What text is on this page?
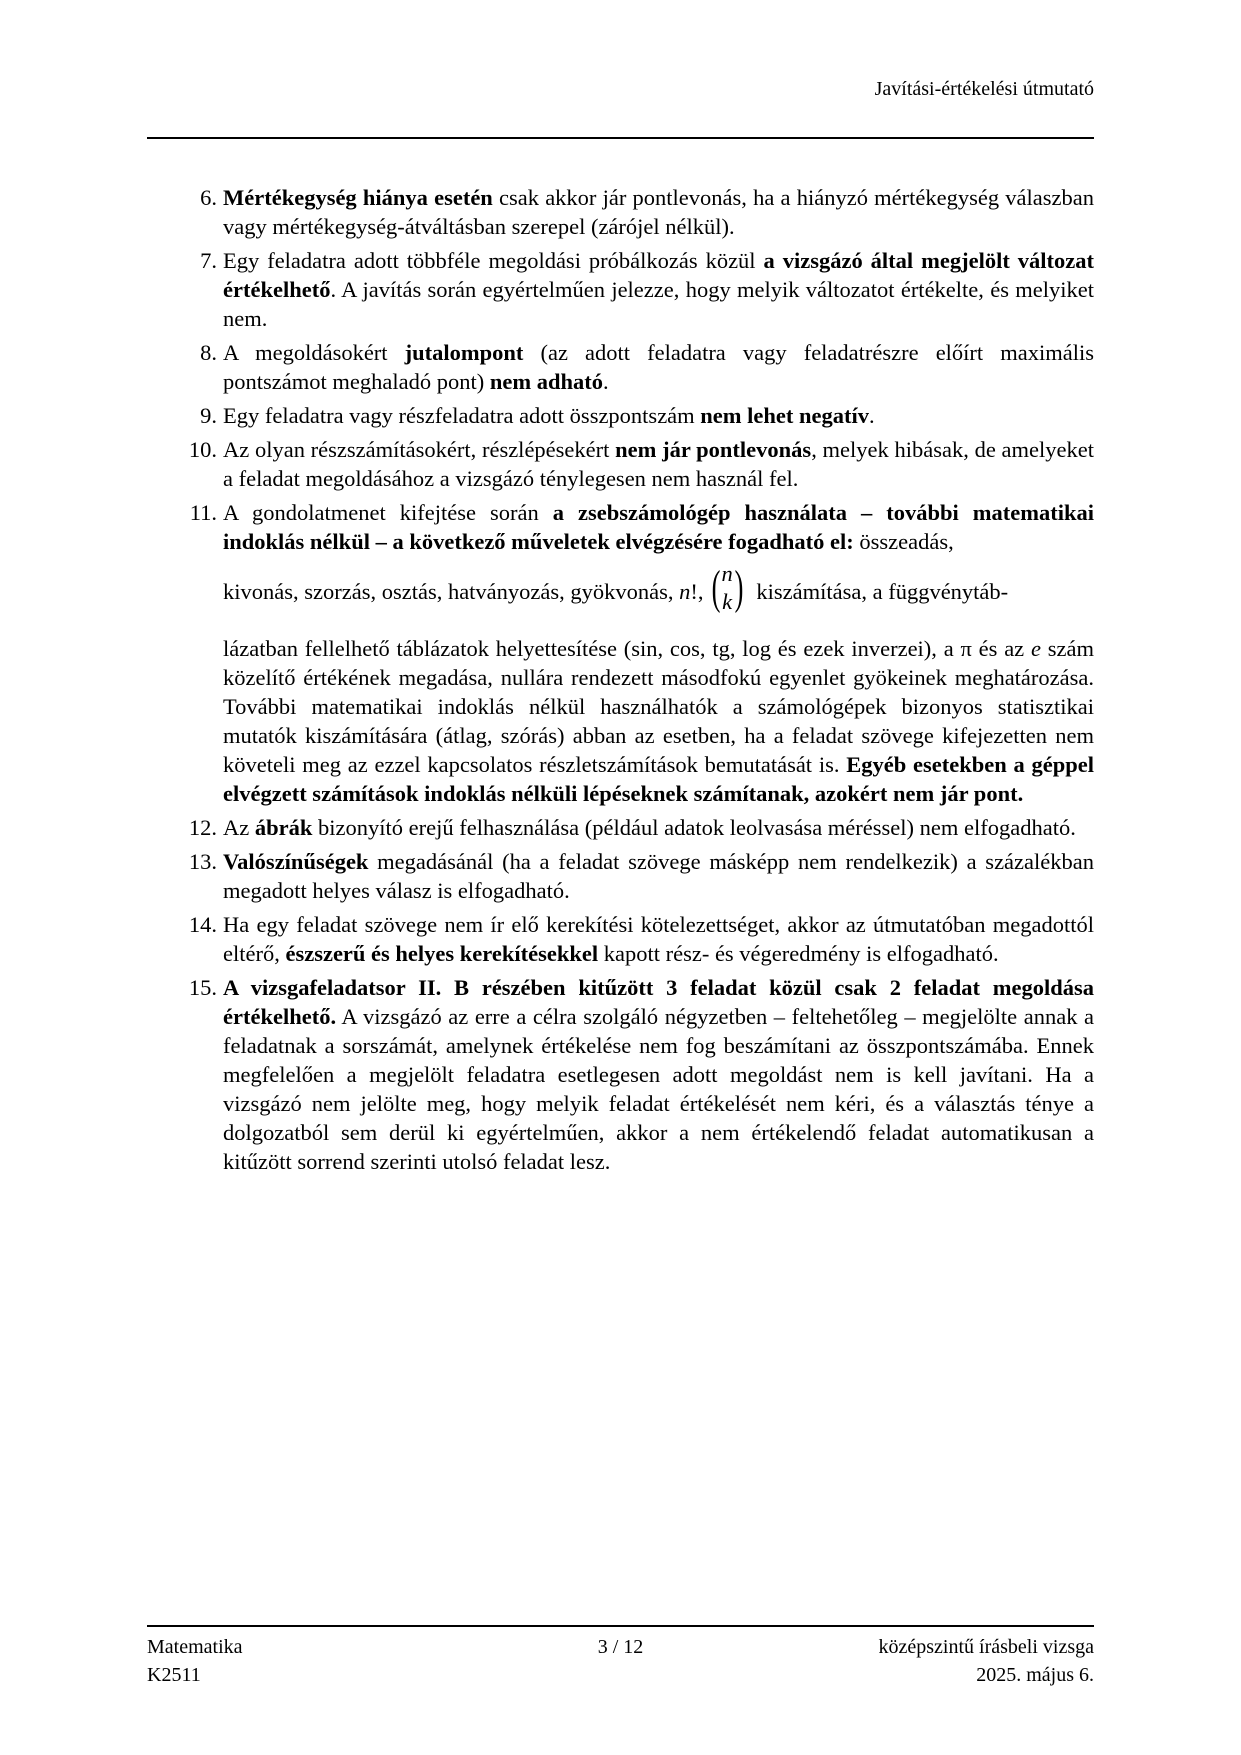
Javítási-értékelési útmutató
6. Mértékegység hiánya esetén csak akkor jár pontlevonás, ha a hiányzó mértékegység válaszban vagy mértékegység-átváltásban szerepel (zárójel nélkül).
7. Egy feladatra adott többféle megoldási próbálkozás közül a vizsgázó által megjelölt változat értékelhető. A javítás során egyértelműen jelezze, hogy melyik változatot értékelte, és melyiket nem.
8. A megoldásokért jutalompont (az adott feladatra vagy feladatrészre előírt maximális pontszámot meghaladó pont) nem adható.
9. Egy feladatra vagy részfeladatra adott összpontszám nem lehet negatív.
10. Az olyan részszámításokért, részlépésekért nem jár pontlevonás, melyek hibásak, de amelyeket a feladat megoldásához a vizsgázó ténylegesen nem használ fel.
11. A gondolatmenet kifejtése során a zsebszámológép használata – további matematikai indoklás nélkül – a következő műveletek elvégzésére fogadható el: összeadás,
kivonás, szorzás, osztás, hatványozás, gyökvonás, n!, ( n
k ) kiszámítása, a függvénytáb-
lázatban fellelhető táblázatok helyettesítése (sin, cos, tg, log és ezek inverzei), a π és az e szám közelítő értékének megadása, nullára rendezett másodfokú egyenlet gyökeinek meghatározása. További matematikai indoklás nélkül használhatók a számológépek bizonyos statisztikai mutatók kiszámítására (átlag, szórás) abban az esetben, ha a feladat szövege kifejezetten nem követeli meg az ezzel kapcsolatos részletszámítások bemutatását is. Egyéb esetekben a géppel elvégzett számítások indoklás nélküli lépéseknek számítanak, azokért nem jár pont.
12. Az ábrák bizonyító erejű felhasználása (például adatok leolvasása méréssel) nem elfogadható.
13. Valószínűségek megadásánál (ha a feladat szövege másképp nem rendelkezik) a százalékban megadott helyes válasz is elfogadható.
14. Ha egy feladat szövege nem ír elő kerekítési kötelezettséget, akkor az útmutatóban megadottól eltérő, észszerű és helyes kerekítésekkel kapott rész- és végeredmény is elfogadható.
15. A vizsgafeladatsor II. B részében kitűzött 3 feladat közül csak 2 feladat megoldása értékelhető. A vizsgázó az erre a célra szolgáló négyzetben – feltehetőleg – megjelölte annak a feladatnak a sorszámát, amelynek értékelése nem fog beszámítani az összpontszámába. Ennek megfelelően a megjelölt feladatra esetlegesen adott megoldást nem is kell javítani. Ha a vizsgázó nem jelölte meg, hogy melyik feladat értékelését nem kéri, és a választás ténye a dolgozatból sem derül ki egyértelműen, akkor a nem értékelendő feladat automatikusan a kitűzött sorrend szerinti utolsó feladat lesz.
3 / 12
Matematika	középszintű írásbeli vizsga
K2511	2025. május 6.
